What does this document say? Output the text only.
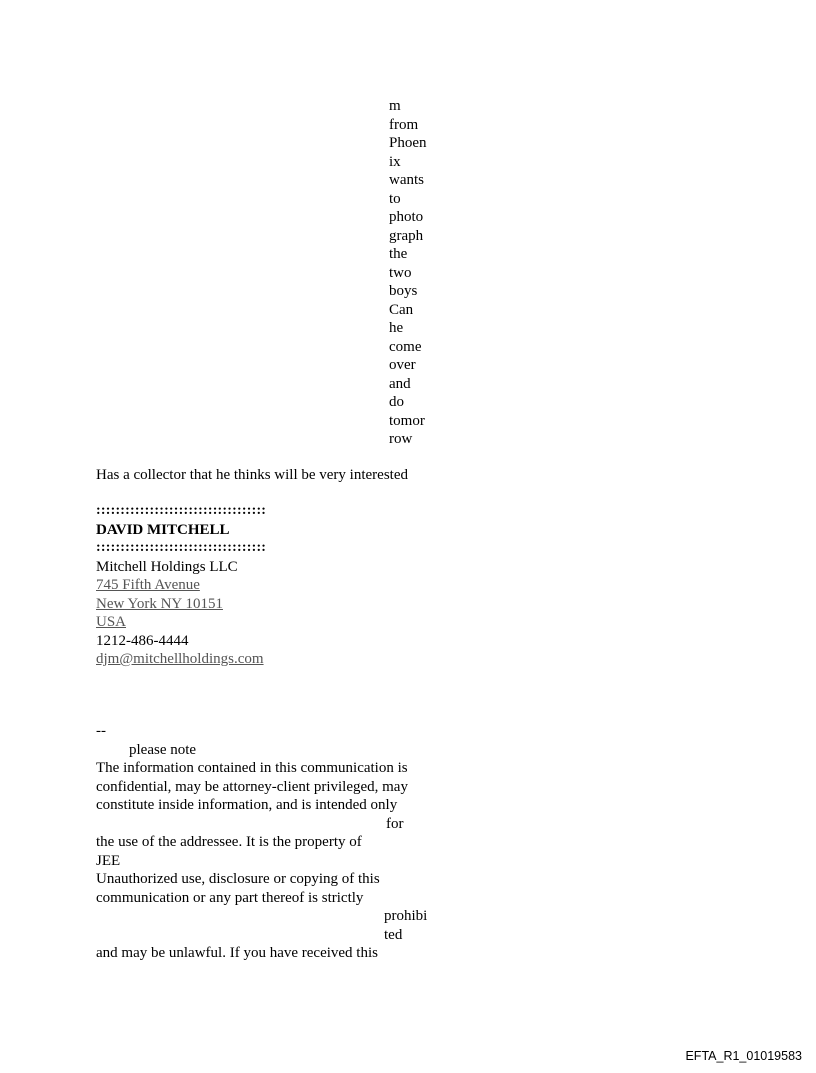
m
from
Phoen
ix
wants
to
photo
graph
the
two
boys
Can
he
come
over
and
do
tomor
row
Has a collector that he thinks will be very interested
:::::::::::::::::::::::::::::::::::
DAVID MITCHELL
:::::::::::::::::::::::::::::::::::
Mitchell Holdings LLC
745 Fifth Avenue
New York NY 10151
USA
1212-486-4444
djm@mitchellholdings.com
--
please note
The information contained in this communication is
confidential, may be attorney-client privileged, may
constitute inside information, and is intended only
for
the use of the addressee. It is the property of
JEE
Unauthorized use, disclosure or copying of this
communication or any part thereof is strictly
prohibi
ted
and may be unlawful. If you have received this
EFTA_R1_01019583
